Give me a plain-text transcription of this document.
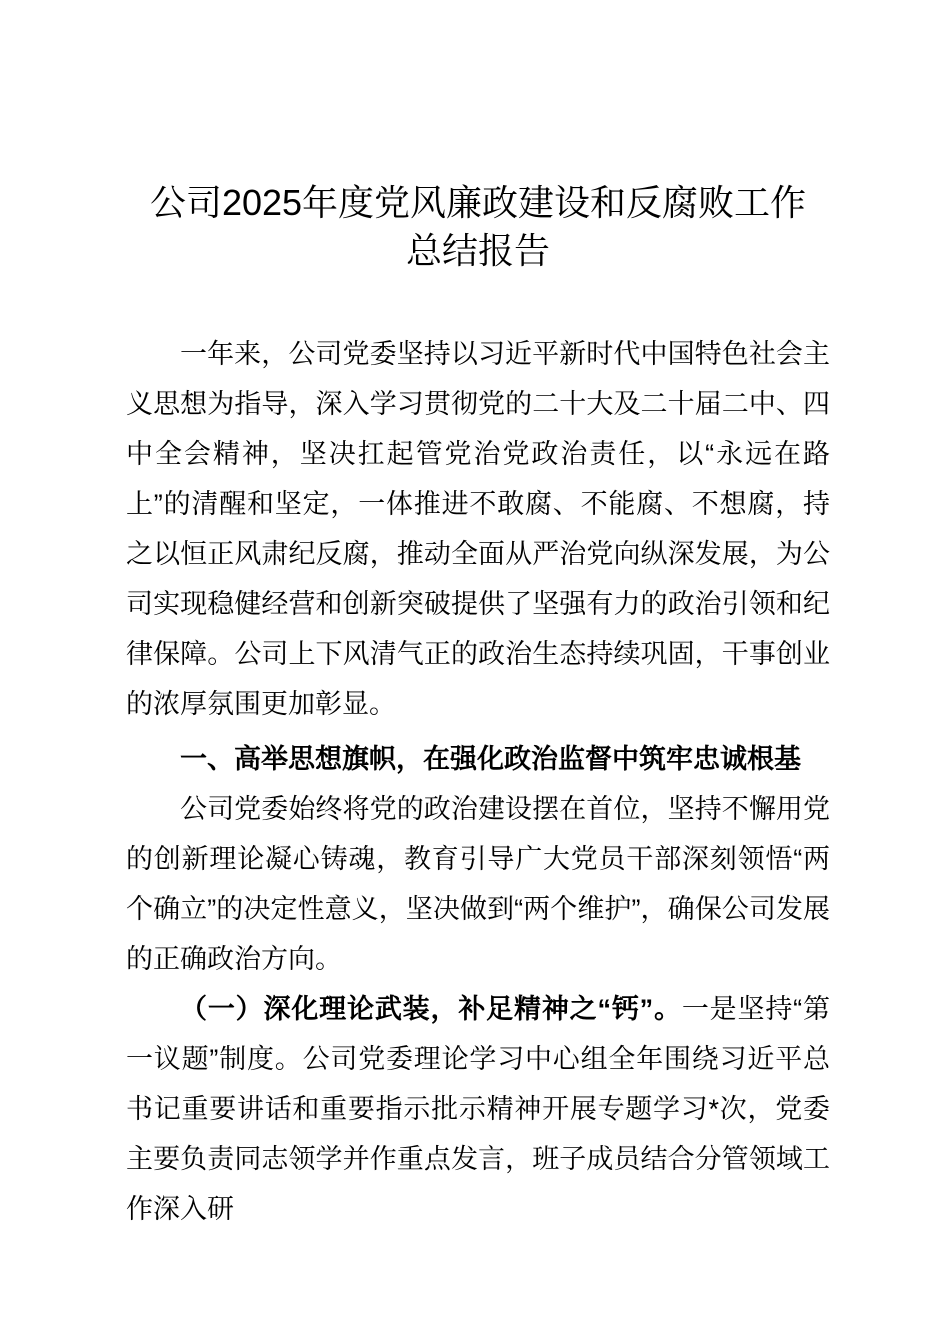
公司2025年度党风廉政建设和反腐败工作总结报告

一年来，公司党委坚持以习近平新时代中国特色社会主义思想为指导，深入学习贯彻党的二十大及二十届二中、四中全会精神，坚决扛起管党治党政治责任，以“永远在路上”的清醒和坚定，一体推进不敢腐、不能腐、不想腐，持之以恒正风肃纪反腐，推动全面从严治党向纵深发展，为公司实现稳健经营和创新突破提供了坚强有力的政治引领和纪律保障。公司上下风清气正的政治生态持续巩固，干事创业的浓厚氛围更加彰显。

一、高举思想旗帜，在强化政治监督中筑牢忠诚根基

公司党委始终将党的政治建设摆在首位，坚持不懈用党的创新理论凝心铸魂，教育引导广大党员干部深刻领悟“两个确立”的决定性意义，坚决做到“两个维护”，确保公司发展的正确政治方向。

（一）深化理论武装，补足精神之“钙”。一是坚持“第一议题”制度。公司党委理论学习中心组全年围绕习近平总书记重要讲话和重要指示批示精神开展专题学习*次，党委主要负责同志领学并作重点发言，班子成员结合分管领域工作深入研
